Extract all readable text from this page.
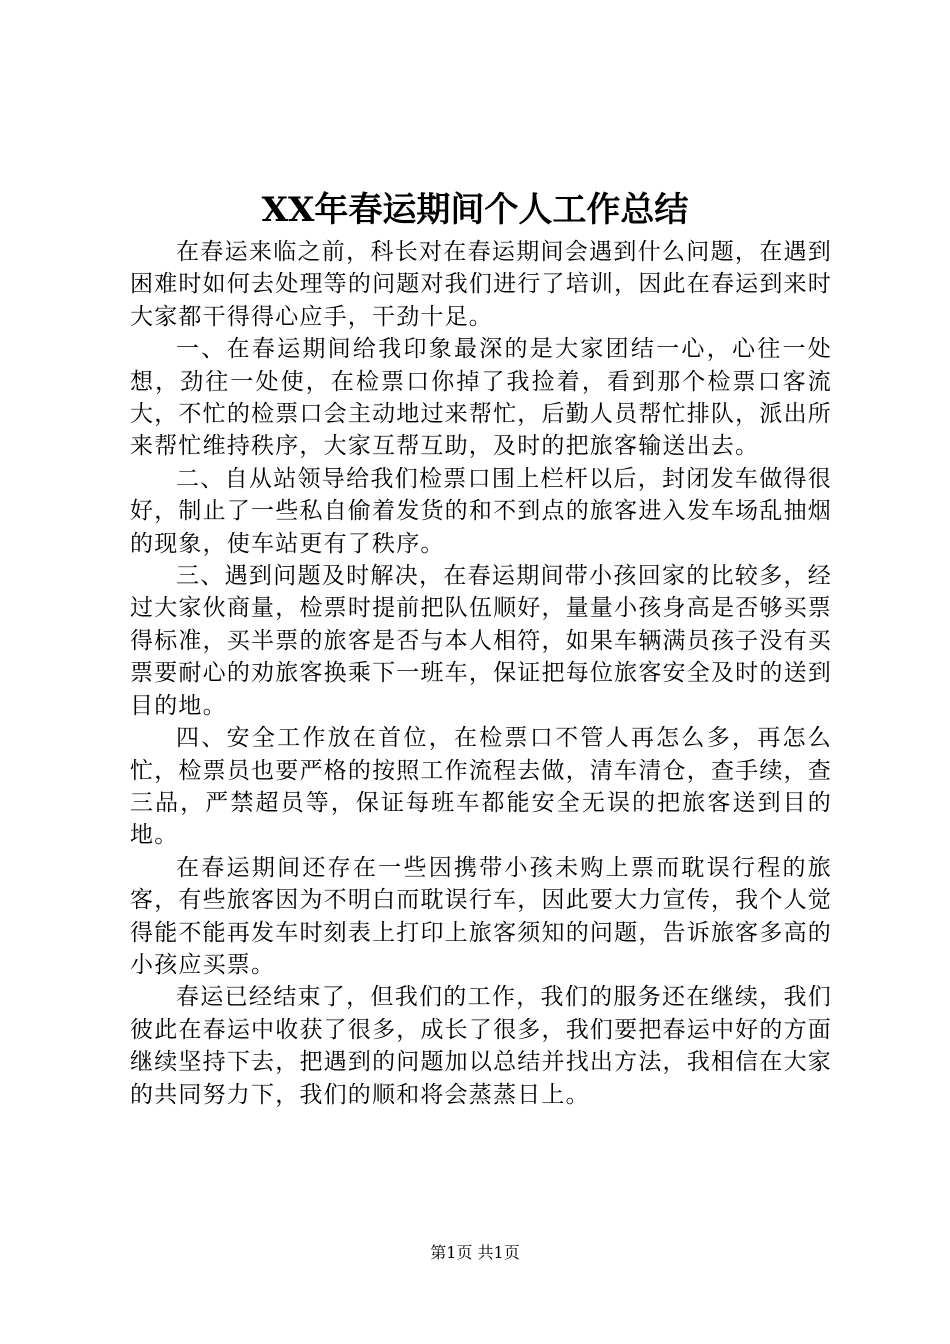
XX年春运期间个人工作总结

在春运来临之前，科长对在春运期间会遇到什么问题，在遇到困难时如何去处理等的问题对我们进行了培训，因此在春运到来时大家都干得得心应手，干劲十足。

一、在春运期间给我印象最深的是大家团结一心，心往一处想，劲往一处使，在检票口你掉了我捡着，看到那个检票口客流大，不忙的检票口会主动地过来帮忙，后勤人员帮忙排队，派出所来帮忙维持秩序，大家互帮互助，及时的把旅客输送出去。

二、自从站领导给我们检票口围上栏杆以后，封闭发车做得很好，制止了一些私自偷着发货的和不到点的旅客进入发车场乱抽烟的现象，使车站更有了秩序。

三、遇到问题及时解决，在春运期间带小孩回家的比较多，经过大家伙商量，检票时提前把队伍顺好，量量小孩身高是否够买票得标准，买半票的旅客是否与本人相符，如果车辆满员孩子没有买票要耐心的劝旅客换乘下一班车，保证把每位旅客安全及时的送到目的地。

四、安全工作放在首位，在检票口不管人再怎么多，再怎么忙，检票员也要严格的按照工作流程去做，清车清仓，查手续，查三品，严禁超员等，保证每班车都能安全无误的把旅客送到目的地。

在春运期间还存在一些因携带小孩未购上票而耽误行程的旅客，有些旅客因为不明白而耽误行车，因此要大力宣传，我个人觉得能不能再发车时刻表上打印上旅客须知的问题，告诉旅客多高的小孩应买票。

春运已经结束了，但我们的工作，我们的服务还在继续，我们彼此在春运中收获了很多，成长了很多，我们要把春运中好的方面继续坚持下去，把遇到的问题加以总结并找出方法，我相信在大家的共同努力下，我们的顺和将会蒸蒸日上。

第1页 共1页
